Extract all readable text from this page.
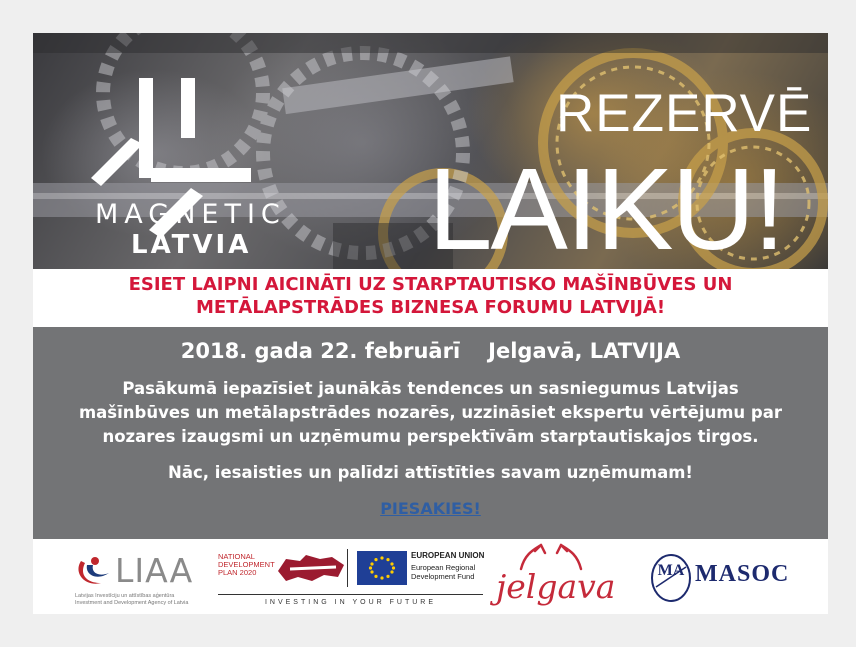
MAGNETIC
LATVIA
REZERVĒ
LAIKU!

ESIET LAIPNI AICINĀTI UZ STARPTAUTISKO MAŠĪNBŪVES UN

METĀLAPSTRĀDES BIZNESA FORUMU LATVIJĀ!

2018. gada 22. februārī Jelgavā, LATVIJA
Pasākumā iepazīsiet jaunākās tendences un sasniegumus Latvijas mašīnbūves un metālapstrādes nozarēs, uzzināsiet ekspertu vērtējumu par nozares izaugsmi un uzņēmumu perspektīvām starptautiskajos tirgos.
Nāc, iesaisties un palīdzi attīstīties savam uzņēmumam!
PIESAKIES!
LIAA
Latvijas Investīciju un attīstības aģentūra
Investment and Development Agency of Latvia
NATIONAL
DEVELOPMENT
PLAN 2020
EUROPEAN UNION
European Regional
Development Fund
INVESTING IN YOUR FUTURE	jelgava	MA MASOC
